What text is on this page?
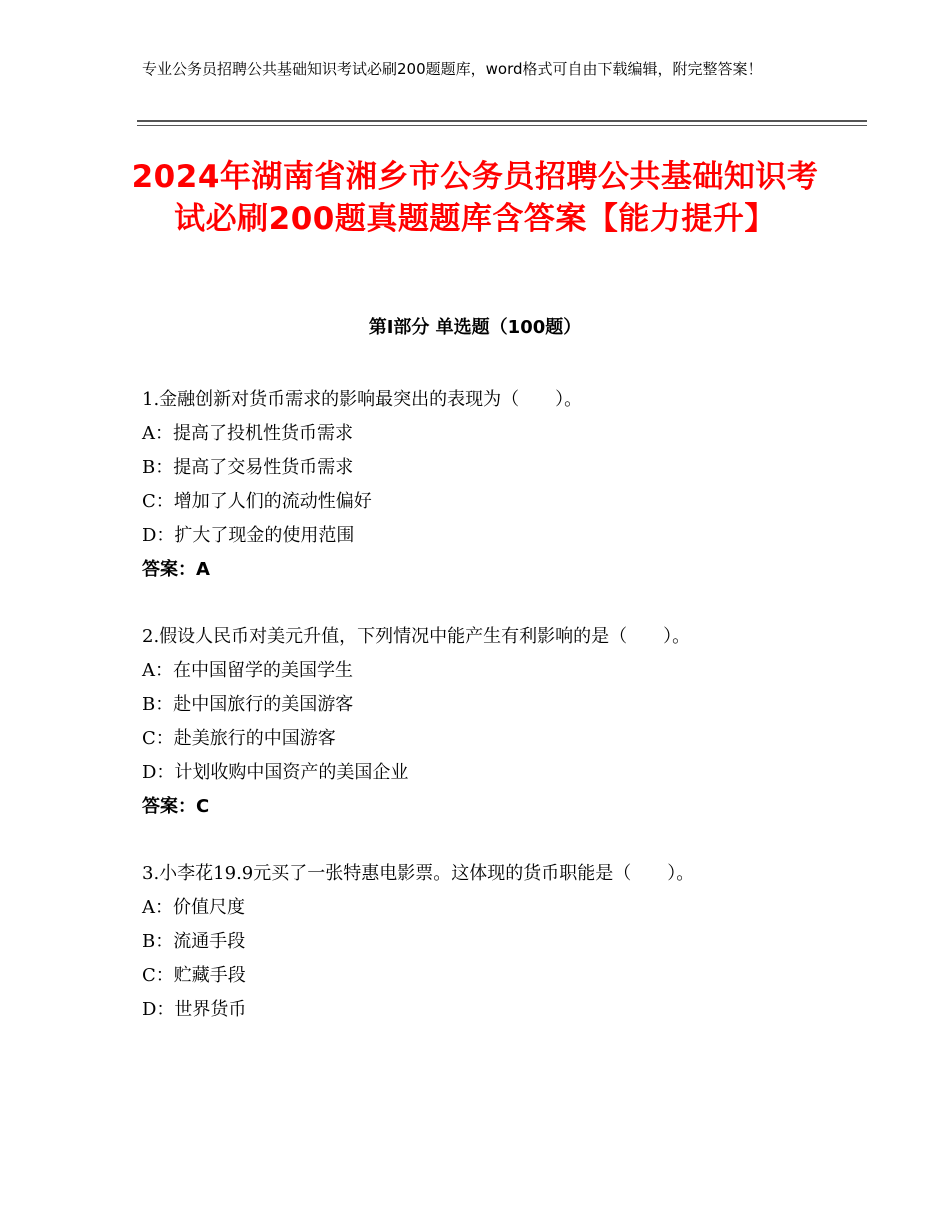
专业公务员招聘公共基础知识考试必刷200题题库，word格式可自由下载编辑，附完整答案！
2024年湖南省湘乡市公务员招聘公共基础知识考试必刷200题真题题库含答案【能力提升】
第Ⅰ部分 单选题（100题）
1.金融创新对货币需求的影响最突出的表现为（　　）。
A：提高了投机性货币需求
B：提高了交易性货币需求
C：增加了人们的流动性偏好
D：扩大了现金的使用范围
答案：A
2.假设人民币对美元升值，下列情况中能产生有利影响的是（　　）。
A：在中国留学的美国学生
B：赴中国旅行的美国游客
C：赴美旅行的中国游客
D：计划收购中国资产的美国企业
答案：C
3.小李花19.9元买了一张特惠电影票。这体现的货币职能是（　　）。
A：价值尺度
B：流通手段
C：贮藏手段
D：世界货币
